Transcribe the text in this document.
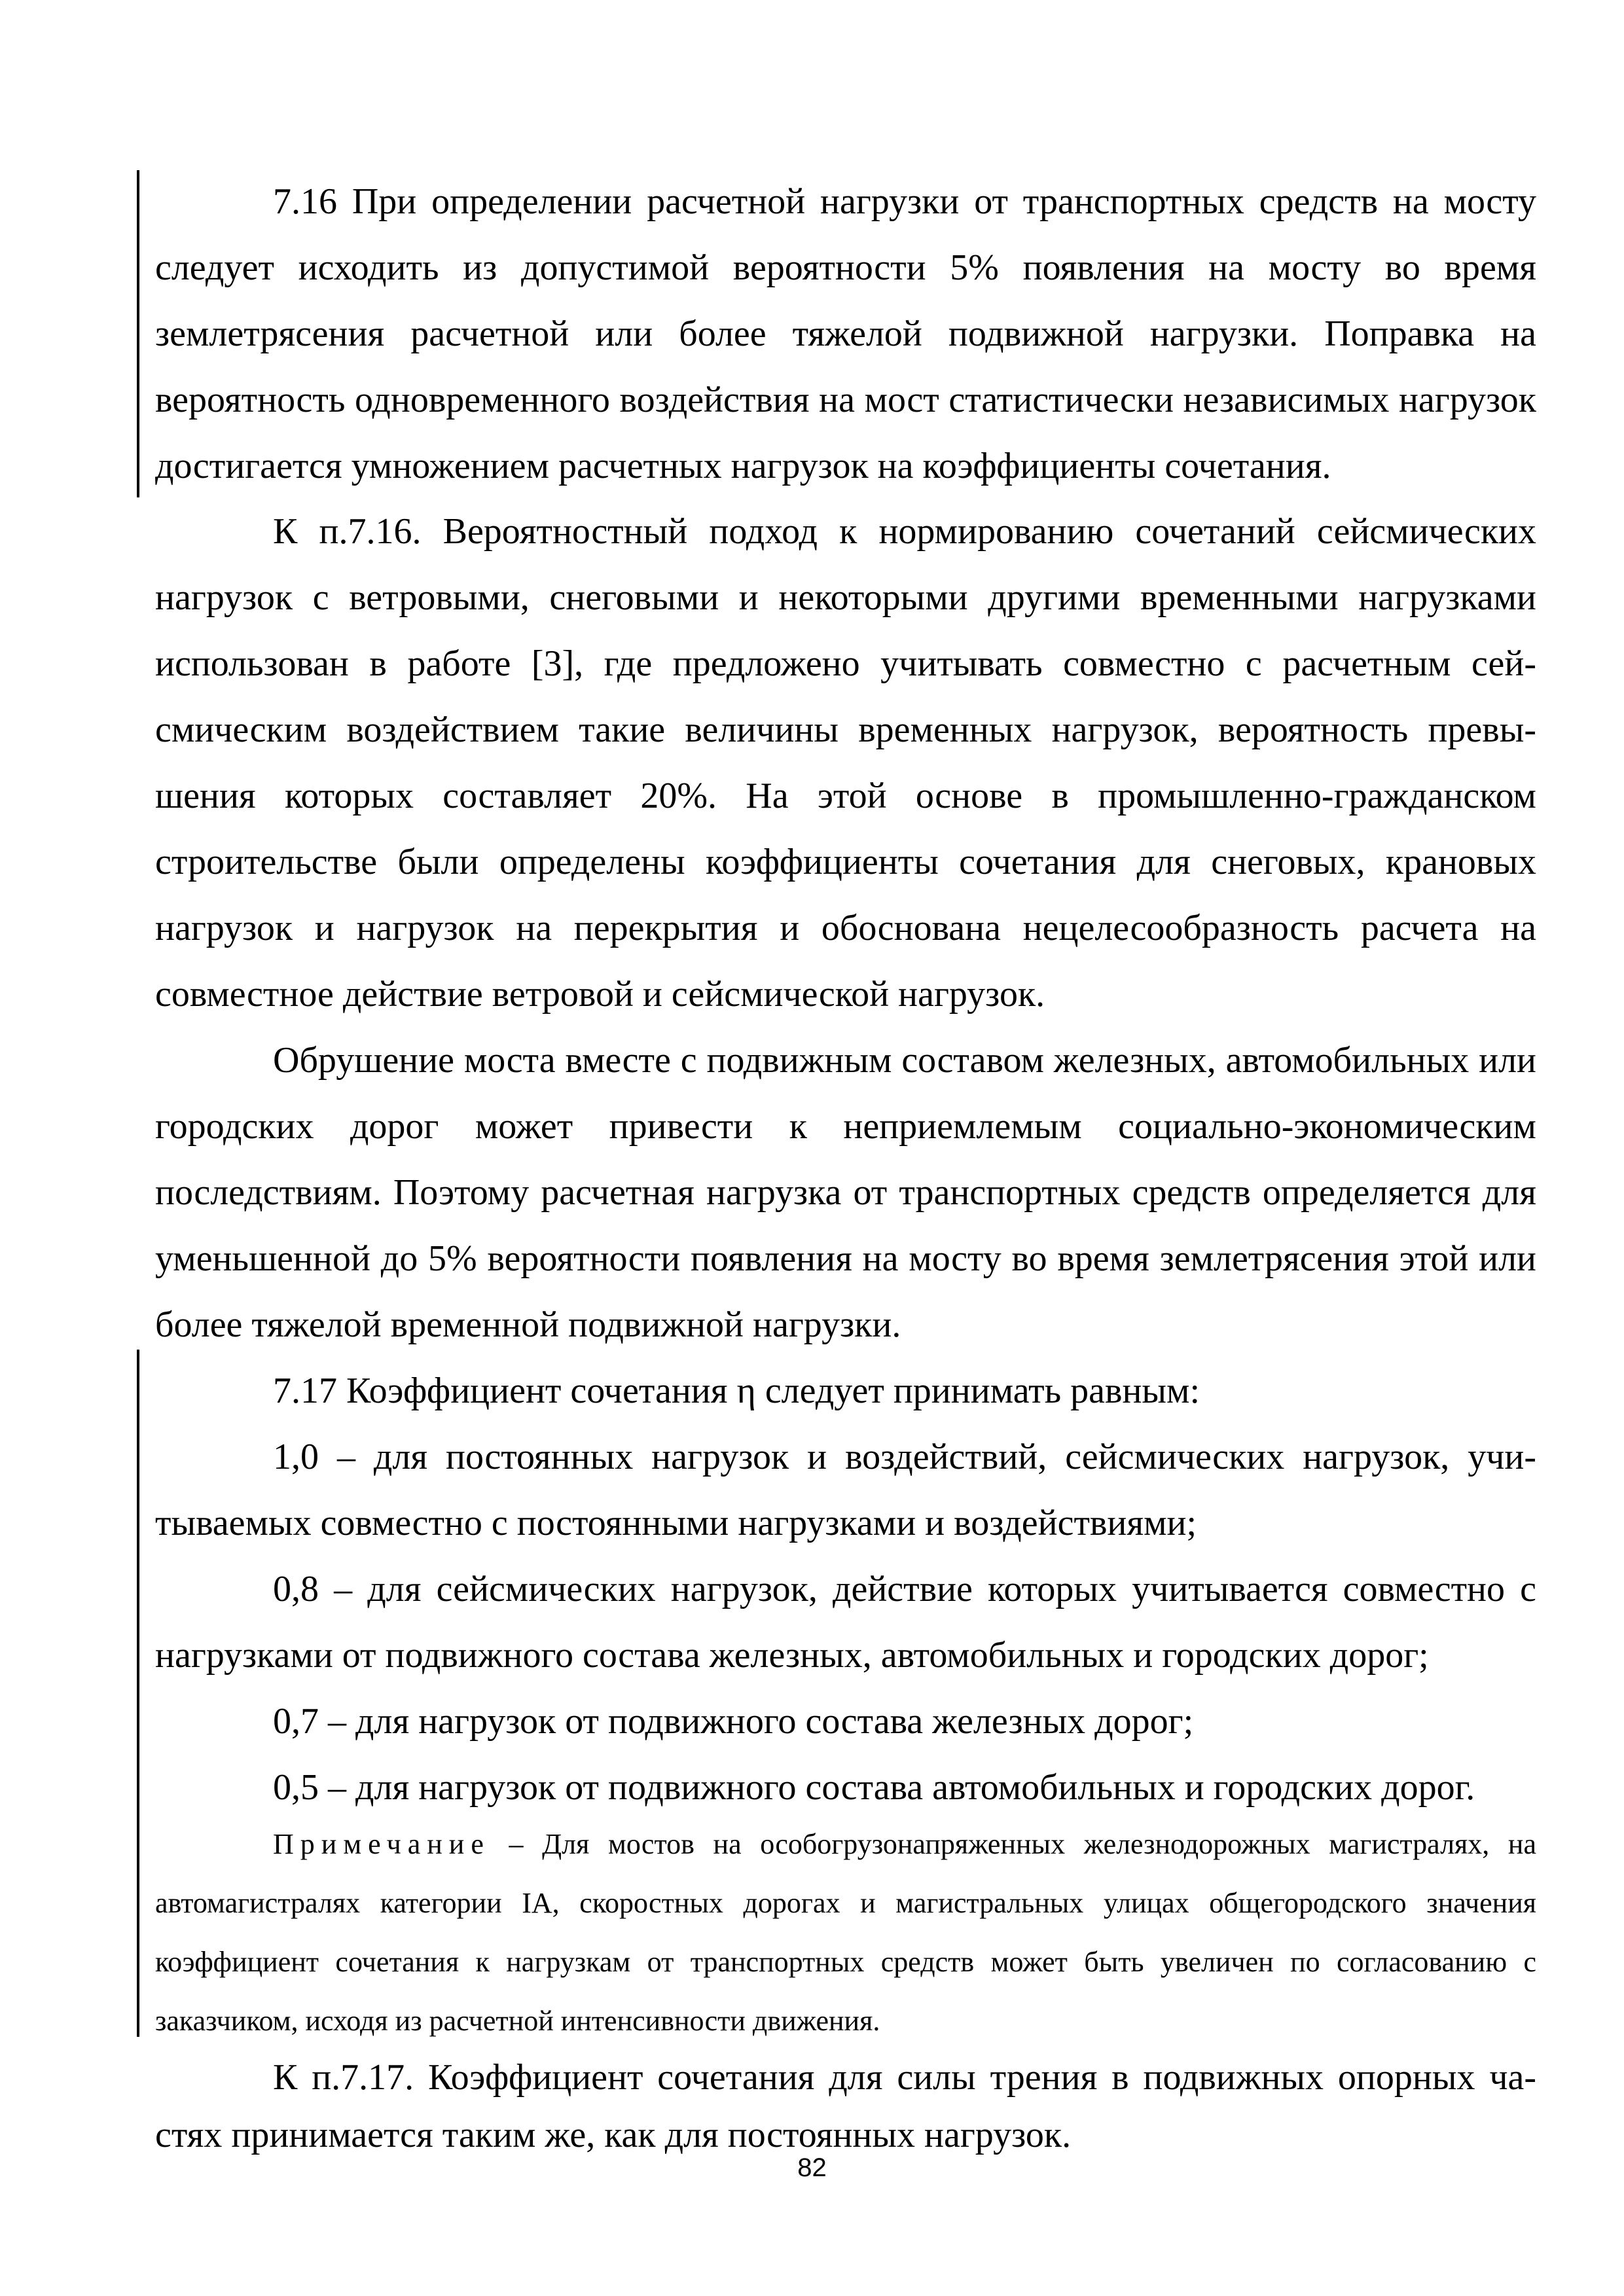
7.16 При определении расчетной нагрузки от транспортных средств на мосту следует исходить из допустимой вероятности 5% появления на мосту во время землетрясения расчетной или более тяжелой подвижной нагрузки. Поправка на вероятность одновременного воздействия на мост статистически независимых нагрузок достигается умножением расчетных нагрузок на коэффициенты сочетания.

К п.7.16. Вероятностный подход к нормированию сочетаний сейсмических нагрузок с ветровыми, снеговыми и некоторыми другими временными нагрузками использован в работе [3], где предложено учитывать совместно с расчетным сейсмическим воздействием такие величины временных нагрузок, вероятность превышения которых составляет 20%. На этой основе в промышленно-гражданском строительстве были определены коэффициенты сочетания для снеговых, крановых нагрузок и нагрузок на перекрытия и обоснована нецелесообразность расчета на совместное действие ветровой и сейсмической нагрузок.

Обрушение моста вместе с подвижным составом железных, автомобильных или городских дорог может привести к неприемлемым социально-экономическим последствиям. Поэтому расчетная нагрузка от транспортных средств определяется для уменьшенной до 5% вероятности появления на мосту во время землетрясения этой или более тяжелой временной подвижной нагрузки.

7.17 Коэффициент сочетания η следует принимать равным:

1,0 – для постоянных нагрузок и воздействий, сейсмических нагрузок, учитываемых совместно с постоянными нагрузками и воздействиями;

0,8 – для сейсмических нагрузок, действие которых учитывается совместно с нагрузками от подвижного состава железных, автомобильных и городских дорог;

0,7 – для нагрузок от подвижного состава железных дорог;

0,5 – для нагрузок от подвижного состава автомобильных и городских дорог.

Примечание – Для мостов на особогрузонапряженных железнодорожных магистралях, на автомагистралях категории IA, скоростных дорогах и магистральных улицах общегородского значения коэффициент сочетания к нагрузкам от транспортных средств может быть увеличен по согласованию с заказчиком, исходя из расчетной интенсивности движения.

К п.7.17. Коэффициент сочетания для силы трения в подвижных опорных частях принимается таким же, как для постоянных нагрузок.

82
